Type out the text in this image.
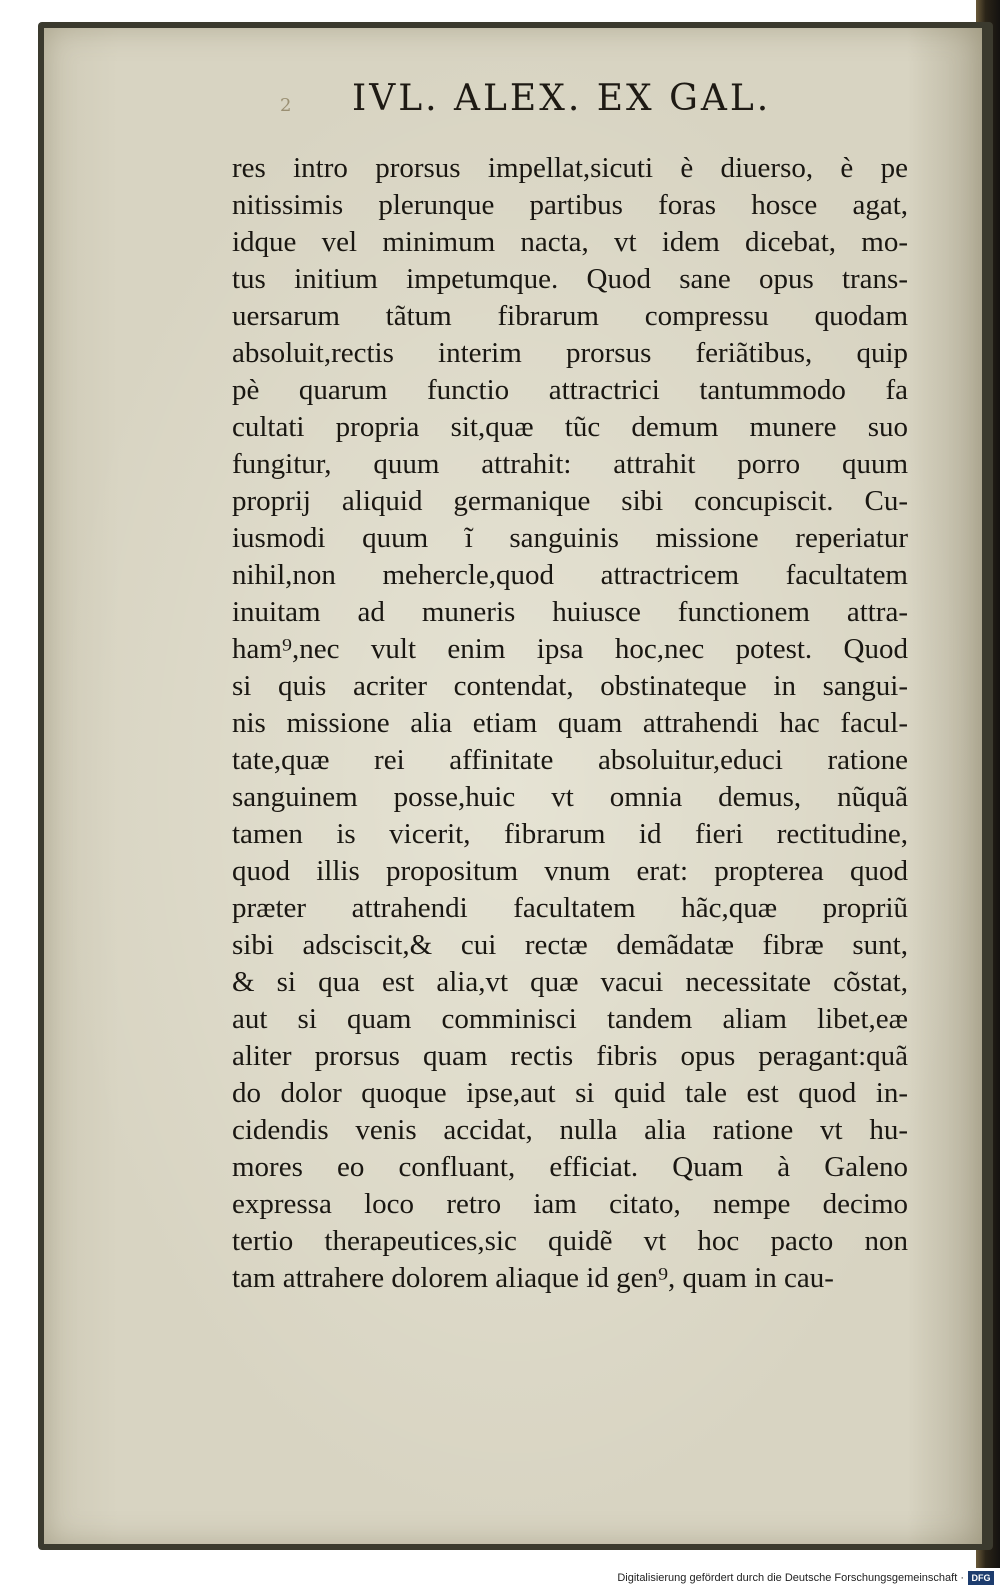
2 IVL. ALEX. EX GAL.
res intro prorsus impellat,sicuti è diuerso, è pe
nitissimis plerunque partibus foras hosce agat,
idque vel minimum nacta, vt idem dicebat, mo-
tus initium impetumque. Quod sane opus trans-
uersarum tãtum fibrarum compressu quodam
absoluit,rectis interim prorsus feriãtibus, quip
pè quarum functio attractrici tantummodo fa
cultati propria sit,quæ tũc demum munere suo
fungitur, quum attrahit: attrahit porro quum
proprij aliquid germanique sibi concupiscit. Cu-
iusmodi quum ĩ sanguinis missione reperiatur
nihil,non mehercle,quod attractricem facultatem
inuitam ad muneris huiusce functionem attra-
ham⁹,nec vult enim ipsa hoc,nec potest. Quod
si quis acriter contendat, obstinateque in sangui-
nis missione alia etiam quam attrahendi hac facul-
tate,quæ rei affinitate absoluitur,educi ratione
sanguinem posse,huic vt omnia demus, nũquã
tamen is vicerit, fibrarum id fieri rectitudine,
quod illis propositum vnum erat: propterea quod
præter attrahendi facultatem hãc,quæ propriũ
sibi adsciscit,& cui rectæ demãdatæ fibræ sunt,
& si qua est alia,vt quæ vacui necessitate cõstat,
aut si quam comminisci tandem aliam libet,eæ
aliter prorsus quam rectis fibris opus peragant:quã
do dolor quoque ipse,aut si quid tale est quod in-
cidendis venis accidat, nulla alia ratione vt hu-
mores eo confluant, efficiat. Quam à Galeno
expressa loco retro iam citato, nempe decimo
tertio therapeutices,sic quidẽ vt hoc pacto non
tam attrahere dolorem aliaque id gen⁹, quam in cau-
Digitalisierung gefördert durch die Deutsche Forschungsgemeinschaft · DFG
